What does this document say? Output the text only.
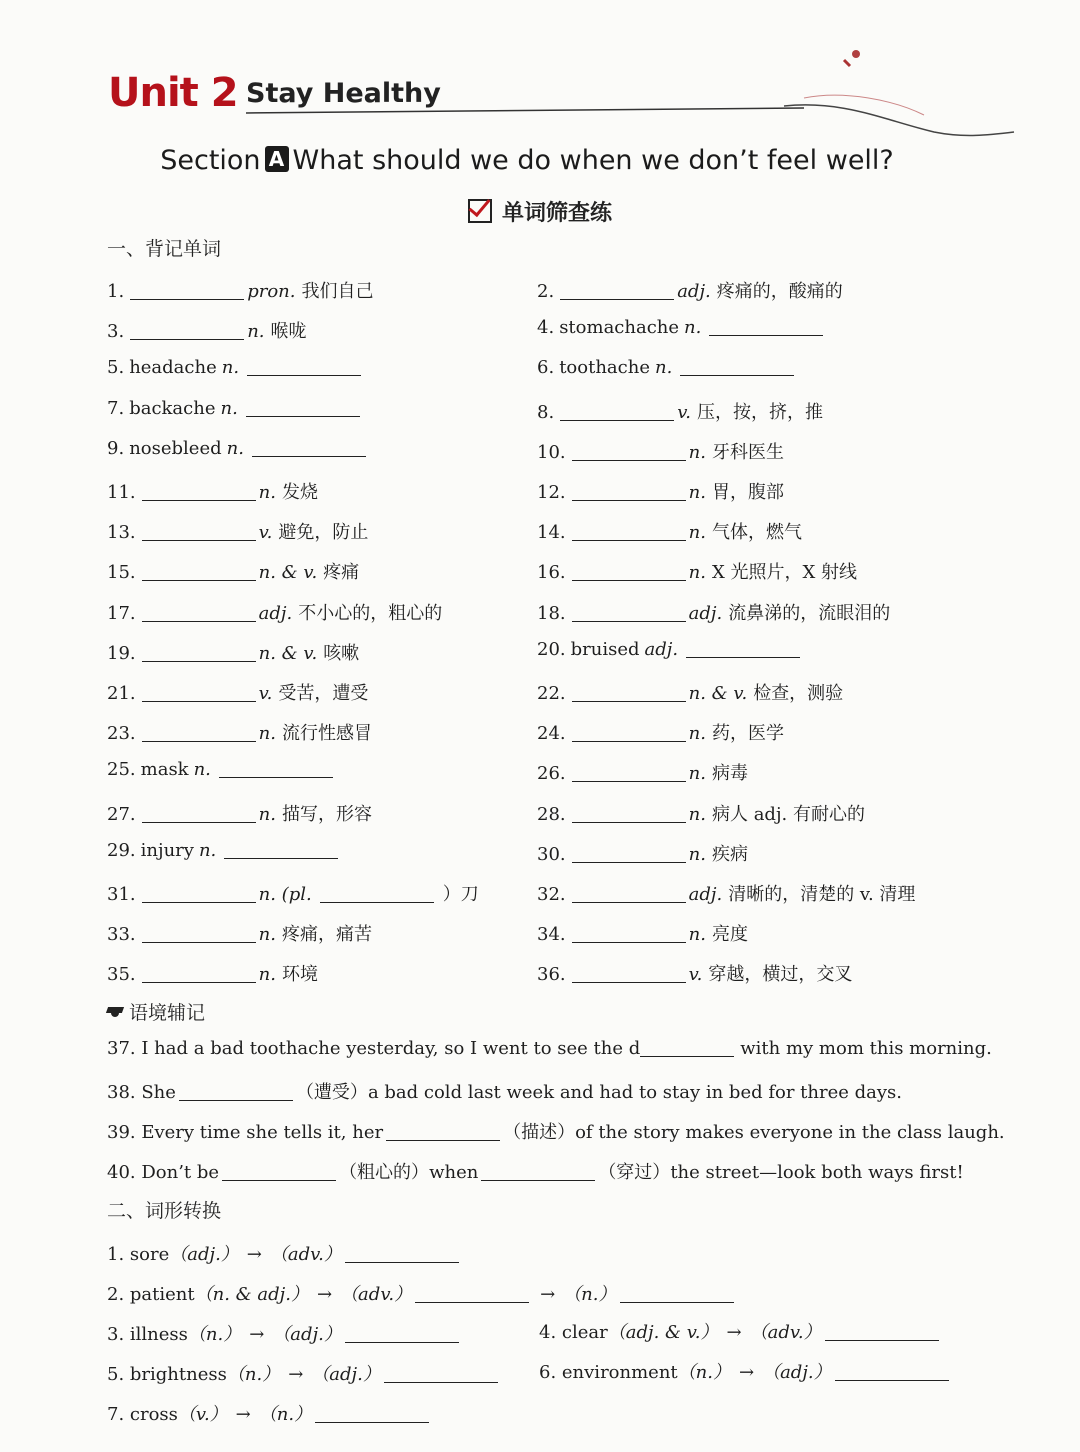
Unit 2 Stay Healthy
Section A What should we do when we don’t feel well?
单词筛查练
一、背记单词
1.	pron. 我们自己	2.	adj. 疼痛的，酸痛的
3.	n. 喉咙	4. stomachache n.
5. headache n.	6. toothache n.
7. backache n.	8.	v. 压，按，挤，推
9. nosebleed n.	10.	n. 牙科医生
11.	n. 发烧	12.	n. 胃，腹部
13.	v. 避免，防止	14.	n. 气体，燃气
15.	n. & v. 疼痛	16.	n. X 光照片，X 射线
17.	adj. 不小心的，粗心的	18.	adj. 流鼻涕的，流眼泪的
19.	n. & v. 咳嗽	20. bruised adj.
21.	v. 受苦，遭受	22.	n. & v. 检查，测验
23.	n. 流行性感冒	24.	n. 药，医学
25. mask n.	26.	n. 病毒
27.	n. 描写，形容	28.	n. 病人 adj. 有耐心的
29. injury n.	30.	n. 疾病
31.	n. (pl.	）刀	32.	adj. 清晰的，清楚的 v. 清理
33.	n. 疼痛，痛苦	34.	n. 亮度
35.	n. 环境	36.	v. 穿越，横过，交叉
语境辅记
37. I had a bad toothache yesterday, so I went to see the d	with my mom this morning.
38. She	（遭受）a bad cold last week and had to stay in bed for three days.
39. Every time she tells it, her	（描述）of the story makes everyone in the class laugh.
40. Don’t be	（粗心的）when	（穿过）the street—look both ways first!
二、词形转换
1. sore（adj.） → （adv.）
2. patient（n. & adj.） → （adv.）	→ （n.）
3. illness（n.） → （adj.）	4. clear（adj. & v.） → （adv.）
5. brightness（n.） → （adj.）	6. environment（n.） → （adj.）
7. cross（v.） → （n.）
